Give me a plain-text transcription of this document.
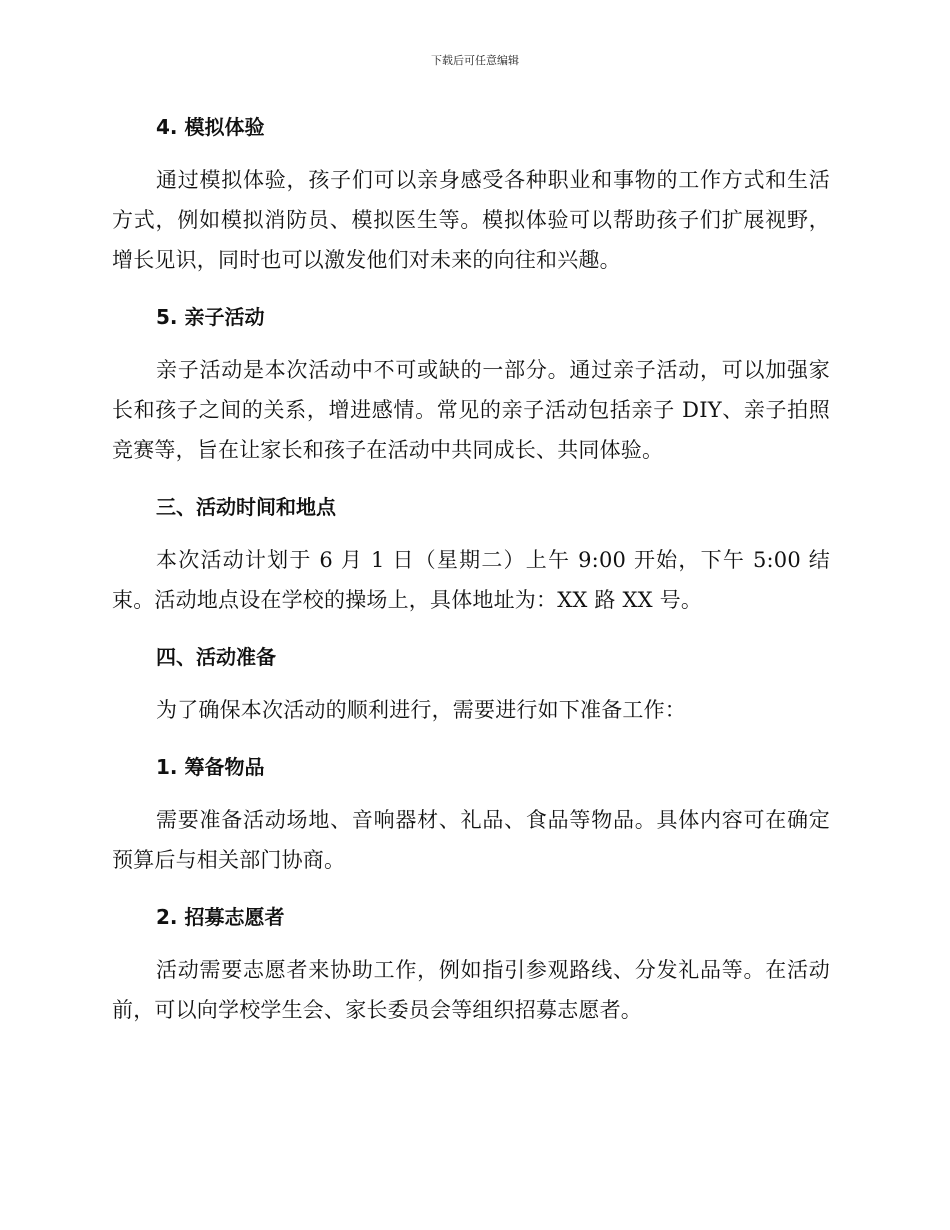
下载后可任意编辑
4. 模拟体验

通过模拟体验，孩子们可以亲身感受各种职业和事物的工作方式和生活方式，例如模拟消防员、模拟医生等。模拟体验可以帮助孩子们扩展视野，增长见识，同时也可以激发他们对未来的向往和兴趣。

5. 亲子活动

亲子活动是本次活动中不可或缺的一部分。通过亲子活动，可以加强家长和孩子之间的关系，增进感情。常见的亲子活动包括亲子 DIY、亲子拍照竞赛等，旨在让家长和孩子在活动中共同成长、共同体验。

三、活动时间和地点

本次活动计划于 6 月 1 日（星期二）上午 9:00 开始，下午 5:00 结束。活动地点设在学校的操场上，具体地址为：XX 路 XX 号。

四、活动准备

为了确保本次活动的顺利进行，需要进行如下准备工作：

1. 筹备物品

需要准备活动场地、音响器材、礼品、食品等物品。具体内容可在确定预算后与相关部门协商。

2. 招募志愿者

活动需要志愿者来协助工作，例如指引参观路线、分发礼品等。在活动前，可以向学校学生会、家长委员会等组织招募志愿者。
